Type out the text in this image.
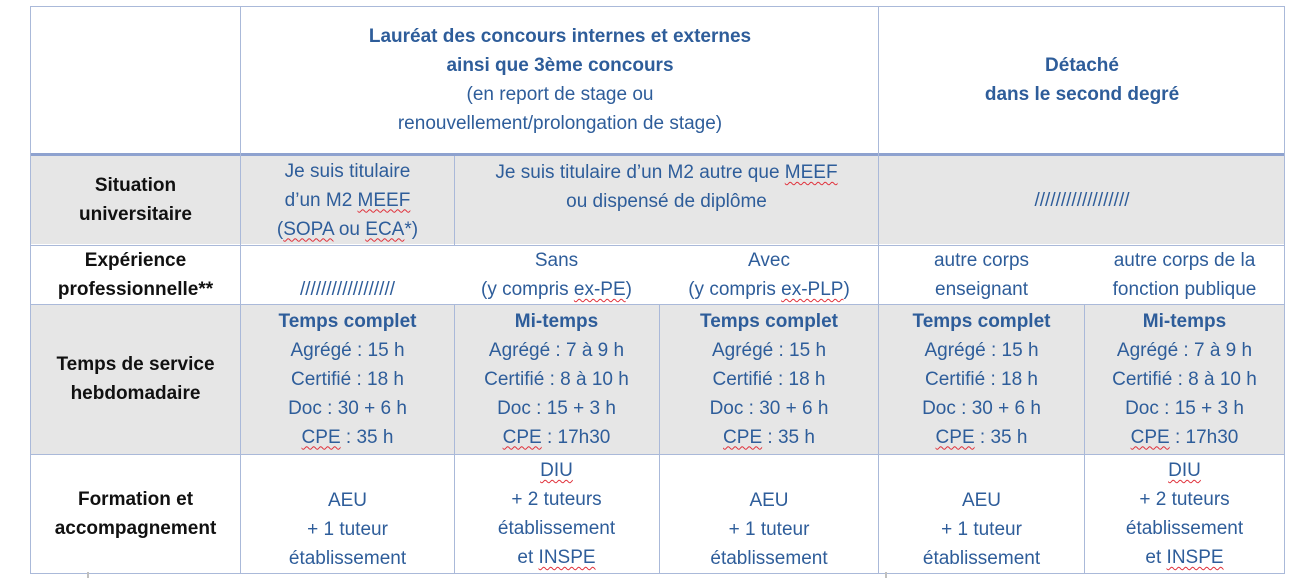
Lauréat des concours internes et externes
ainsi que 3ème concours
(en report de stage ou
renouvellement/prolongation de stage)
Détaché
dans le second degré
Situation
universitaire
Je suis titulaire
d’un M2 MEEF
(SOPA ou ECA*)
Je suis titulaire d’un M2 autre que MEEF
ou dispensé de diplôme	//////////////////
Expérience
professionnelle**	//////////////////
Sans
(y compris ex-PE)
Avec
(y compris ex-PLP)
autre corps
enseignant
autre corps de la
fonction publique
Temps de service
hebdomadaire
Temps complet
Agrégé : 15 h
Certifié : 18 h
Doc : 30 + 6 h
CPE : 35 h
Mi-temps
Agrégé : 7 à 9 h
Certifié : 8 à 10 h
Doc : 15 + 3 h
CPE : 17h30
Temps complet
Agrégé : 15 h
Certifié : 18 h
Doc : 30 + 6 h
CPE : 35 h
Temps complet
Agrégé : 15 h
Certifié : 18 h
Doc : 30 + 6 h
CPE : 35 h
Mi-temps
Agrégé : 7 à 9 h
Certifié : 8 à 10 h
Doc : 15 + 3 h
CPE : 17h30
Formation et
accompagnement
AEU
+ 1 tuteur
établissement
DIU
+ 2 tuteurs
établissement
et INSPE
AEU
+ 1 tuteur
établissement
AEU
+ 1 tuteur
établissement
DIU
+ 2 tuteurs
établissement
et INSPE
